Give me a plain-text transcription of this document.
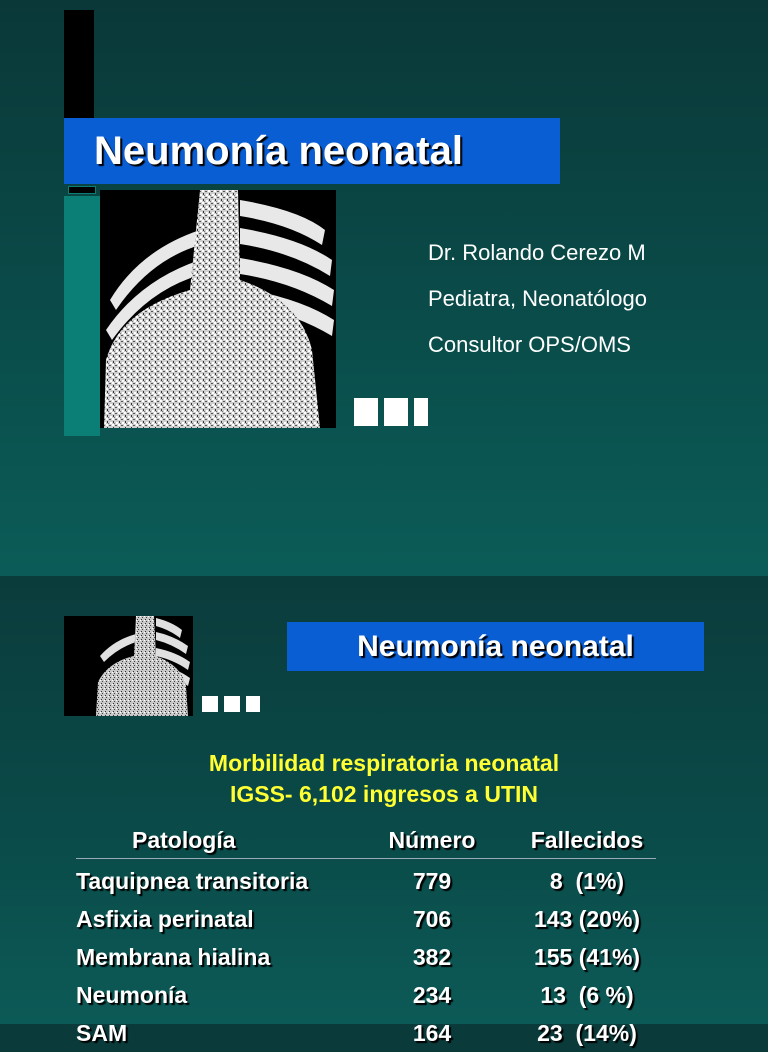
Neumonía neonatal
Dr. Rolando Cerezo M
Pediatra, Neonatólogo
Consultor OPS/OMS
Neumonía neonatal
Morbilidad respiratoria neonatal
IGSS- 6,102 ingresos a UTIN
Patología	Número	Fallecidos
Taquipnea transitoria	779	8  (1%)
Asfixia perinatal	706	143 (20%)
Membrana hialina	382	155 (41%)
Neumonía	234	13  (6 %)
SAM	164	23  (14%)
